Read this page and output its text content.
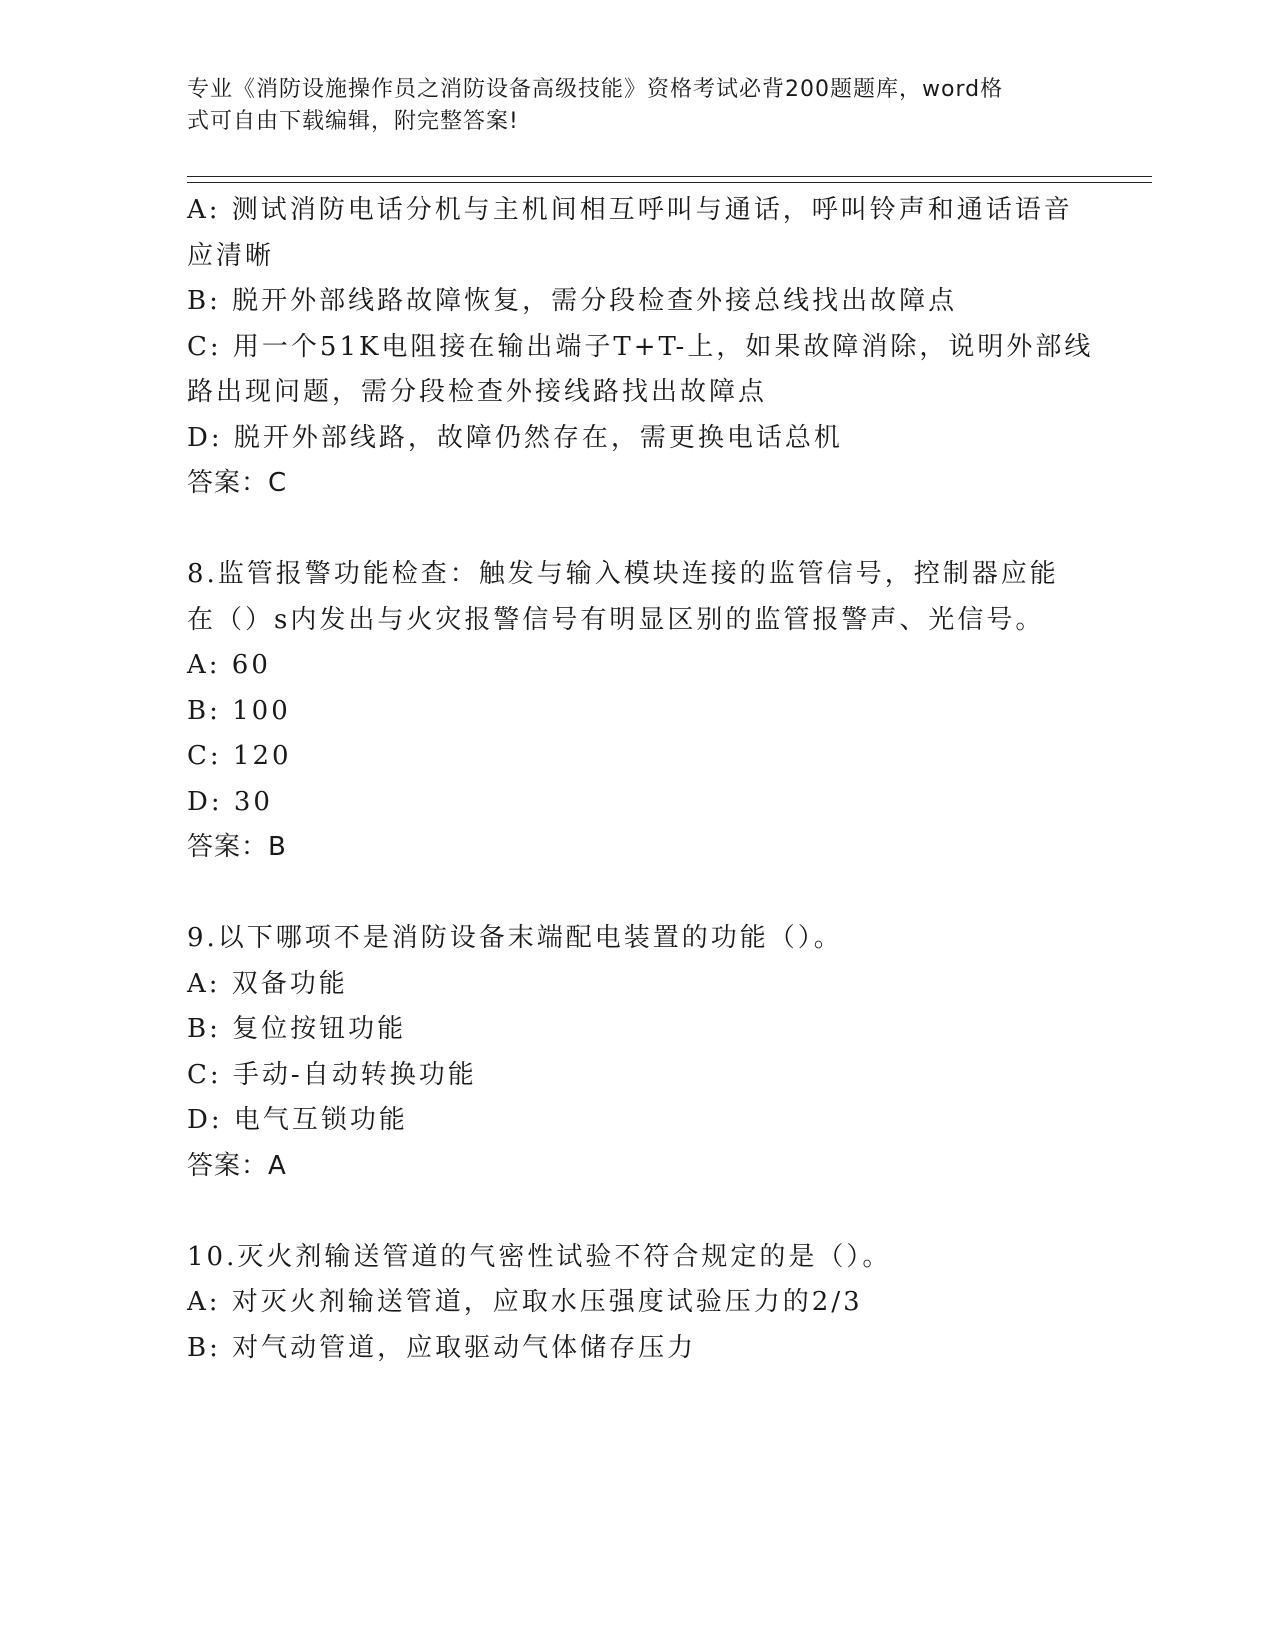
专业《消防设施操作员之消防设备高级技能》资格考试必背200题题库，word格
式可自由下载编辑，附完整答案!
A: 测试消防电话分机与主机间相互呼叫与通话，呼叫铃声和通话语音
应清晰
B: 脱开外部线路故障恢复，需分段检查外接总线找出故障点
C: 用一个51K电阻接在输出端子T+T-上，如果故障消除，说明外部线
路出现问题，需分段检查外接线路找出故障点
D: 脱开外部线路，故障仍然存在，需更换电话总机
答案：C
8.监管报警功能检查：触发与输入模块连接的监管信号，控制器应能
在（）s内发出与火灾报警信号有明显区别的监管报警声、光信号。
A: 60
B: 100
C: 120
D: 30
答案：B
9.以下哪项不是消防设备末端配电装置的功能（）。
A: 双备功能
B: 复位按钮功能
C: 手动-自动转换功能
D: 电气互锁功能
答案：A
10.灭火剂输送管道的气密性试验不符合规定的是（）。
A: 对灭火剂输送管道，应取水压强度试验压力的2/3
B: 对气动管道，应取驱动气体储存压力
